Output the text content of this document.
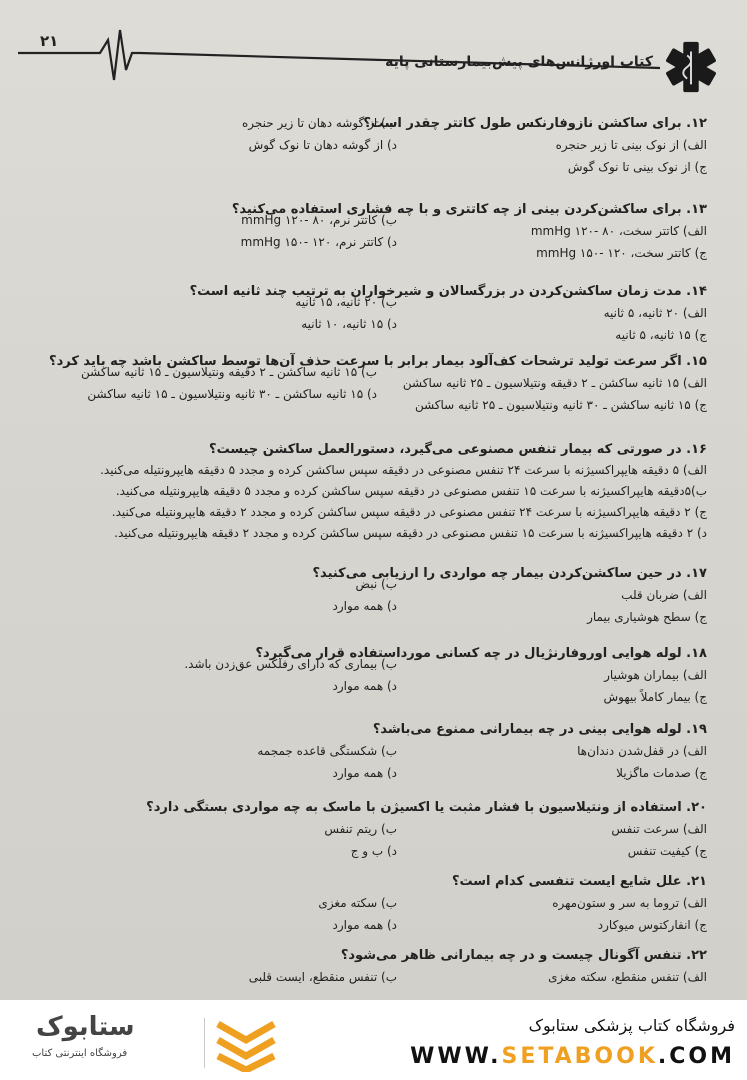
۲۱
کتاب اورژانس‌های پیش‌بیمارستانی پایه
۱۲. برای ساکشن نازوفارنکس طول کاتتر چقدر است؟
الف) از نوک بینی تا زیر حنجره
ب) از گوشه دهان تا زیر حنجره
ج) از نوک بینی تا نوک گوش
د) از گوشه دهان تا نوک گوش
۱۳. برای ساکشن‌کردن بینی از چه کاتتری و با چه فشاری استفاده می‌کنید؟
الف) کاتتر سخت، mmHg ۱۲۰- ۸۰
ب) کاتتر نرم، mmHg ۱۲۰- ۸۰
ج) کاتتر سخت، mmHg ۱۵۰- ۱۲۰
د) کاتتر نرم، mmHg ۱۵۰- ۱۲۰
۱۴. مدت زمان ساکشن‌کردن در بزرگسالان و شیرخواران به ترتیب چند ثانیه است؟
الف) ۲۰ ثانیه، ۵ ثانیه
ب) ۲۰ ثانیه، ۱۵ ثانیه
ج) ۱۵ ثانیه، ۵ ثانیه
د) ۱۵ ثانیه، ۱۰ ثانیه
۱۵. اگر سرعت تولید ترشحات کف‌آلود بیمار برابر با سرعت حذف آن‌ها توسط ساکشن باشد چه باید کرد؟
الف) ۱۵ ثانیه ساکشن ـ ۲ دقیقه ونتیلاسیون ـ ۲۵ ثانیه ساکشن
ب) ۱۵ ثانیه ساکشن ـ ۲ دقیقه ونتیلاسیون ـ ۱۵ ثانیه ساکشن
ج) ۱۵ ثانیه ساکشن ـ ۳۰ ثانیه ونتیلاسیون ـ ۲۵ ثانیه ساکشن
د) ۱۵ ثانیه ساکشن ـ ۳۰ ثانیه ونتیلاسیون ـ ۱۵ ثانیه ساکشن
۱۶. در صورتی که بیمار تنفس مصنوعی می‌گیرد، دستورالعمل ساکشن چیست؟
الف) ۵ دقیقه هایپراکسیژنه با سرعت ۲۴ تنفس مصنوعی در دقیقه سپس ساکشن کرده و مجدد ۵ دقیقه هایپرونتیله می‌کنید.
ب)۵دقیقه هایپراکسیژنه با سرعت ۱۵ تنفس مصنوعی در دقیقه سپس ساکشن کرده و مجدد ۵ دقیقه هایپرونتیله می‌کنید.
ج) ۲ دقیقه هایپراکسیژنه با سرعت ۲۴ تنفس مصنوعی در دقیقه سپس ساکشن کرده و مجدد ۲ دقیقه هایپرونتیله می‌کنید.
د) ۲ دقیقه هایپراکسیژنه با سرعت ۱۵ تنفس مصنوعی در دقیقه سپس ساکشن کرده و مجدد ۲ دقیقه هایپرونتیله می‌کنید.
۱۷. در حین ساکشن‌کردن بیمار چه مواردی را ارزیابی می‌کنید؟
الف) ضربان قلب
ب) نبض
ج) سطح هوشیاری بیمار
د) همه موارد
۱۸. لوله هوایی اوروفارنژیال در چه کسانی مورداستفاده قرار می‌گیرد؟
الف) بیماران هوشیار
ب) بیماری که دارای رفلکس عق‌زدن باشد.
ج) بیمار کاملاً بیهوش
د) همه موارد
۱۹. لوله هوایی بینی در چه بیمارانی ممنوع می‌باشد؟
الف) در قفل‌شدن دندان‌ها
ب) شکستگی قاعده جمجمه
ج) صدمات ماگزیلا
د) همه موارد
۲۰. استفاده از ونتیلاسیون با فشار مثبت یا اکسیژن با ماسک به چه مواردی بستگی دارد؟
الف) سرعت تنفس
ب) ریتم تنفس
ج) کیفیت تنفس
د) ب و ج
۲۱. علل شایع ایست تنفسی کدام است؟
الف) تروما به سر و ستون‌مهره
ب) سکته مغزی
ج) انفارکتوس میوکارد
د) همه موارد
۲۲. تنفس آگونال چیست و در چه بیمارانی ظاهر می‌شود؟
الف) تنفس منقطع، سکته مغزی
ب) تنفس منقطع، ایست قلبی
ستابوک
فروشگاه اینترنتی کتاب
فروشگاه کتاب پزشکی ستابوک
WWW.SETABOOK.COM
